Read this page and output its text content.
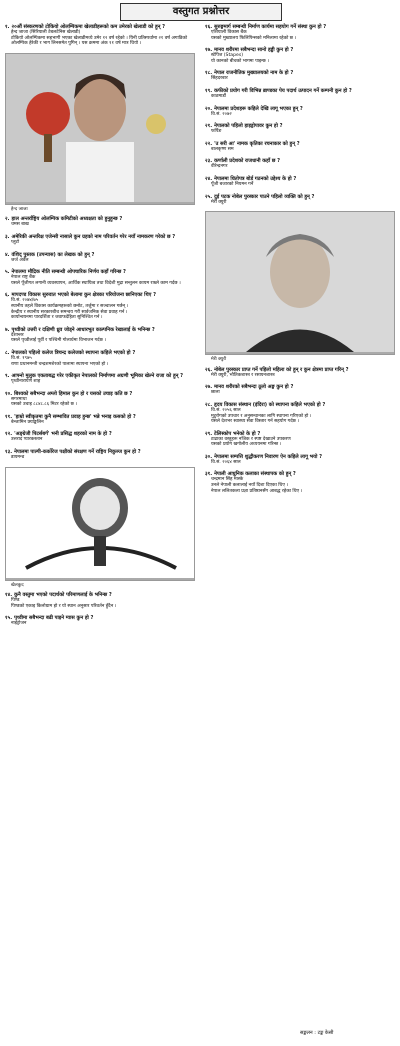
वस्तुगत प्रश्नोत्तर
१. २०औं संस्करणको टोकियो ओलम्पिकमा खेलाडीहरूको कम उमेरको खेलाडी को हुन् ?

हेन्द जाजा (सिरियाली टेबलटेनिस खेलाडी)

टोकियो ओलम्पिकमा सहभागी भएका खेलाडीमध्ये उमेर १२ वर्ष रहेको । यिनी प्रतिस्पर्धामा २१ वर्ष अगाडिको ओलम्पिक हेरेकी र भाग लिनसमेत पुगिन् । यस क्रममा अंक ११ वर्ष मात्र थियो ।

हेन्द जाजा
२. हाल अन्तर्राष्ट्रिय ओलम्पिक कमिटीको अध्यक्षता को हुनुहुन्छ ?

थमस बाख

३. अमेरिकी अन्तरिक्ष एजेन्सी नासाले कुन ग्रहको नाम परिवर्तन गरेर नयाँ नामकरण गरेको छ ?

प्लुटो

४. वंशिद् पुस्तक (उपन्यास) का लेखक को हुन् ?

जर्ज अर्वेल

५. नेपालमा मौद्रिक नीति सम्बन्धी ओपचारिक निर्णय कहाँ गरिन्छ ?

नेपाल राष्ट्र बैंक

यसले पूँजीगत लगानी व्यवस्थापन, आर्थिक स्थायित्व तथा विदेशी मुद्रा सन्तुलन कायम राख्ने काम गर्दछ ।

६. मापदण्ड विकास सुरुवात भएको बेलामा कुन क्षेत्रका परियोजना छानिएका थिए ?

वि.सं. २०७४/७५

स्थानीय तहले विकास कार्यक्रमहरूको छनोट, तर्जुमा र सञ्चालन गर्छन् ।

केन्द्रीय र स्थानीय सरकारबीच समन्वय गरी सार्वजनिक सेवा प्रवाह गर्न ।

कार्यान्वयनमा पारदर्शिता र जवाफदेहिता सुनिश्चित गर्न ।

७. पृथ्वीको उत्तरी र दक्षिणी ध्रुव जोड्ने आधारभूत काल्पनिक रेखालाई के भनिन्छ ?

देशान्तर

यसले पृथ्वीलाई पूर्वी र पश्चिमी गोलार्धमा विभाजन गर्दछ ।

८. नेपालको पहिलो कलेज त्रिचन्द्र कलेजको स्थापना कहिले भएको हो ?

वि.सं. १९७५

राणा प्रधानमन्त्री चन्द्रशमशेरको पालामा स्थापना भएको हो ।

९. आफ्नो मुलुक एकताबद्ध गरेर एकीकृत नेपालको निर्माणमा अग्रणी भूमिका खेल्ने राजा को हुन् ?

पृथ्वीनारायण शाह

१०. बिश्वको सबैभन्दा अग्लो हिमाल कुन हो र यसको उचाइ कति छ ?

सगरमाथा

यसको उचाइ ८८४८.८६ मिटर रहेको छ ।

११. 'हाम्रो स्वीकृतमा कुनै सम्भावित प्रवाह हुन्छ' भन्ने भनाइ कसको हो ?

बेन्जामिन फ्र्याङ्कलिन

१२. 'अङ्ग्रेजी पिटर्सबर्ग' भनी प्रसिद्ध शहरको नाम के हो ?

उत्तराद प्यारकस्तान

१३. नेपालमा पाल्पी-कर्कोरेज पक्षीको संरक्षण गर्ने राष्ट्रिय निकुञ्ज कुन हो ?

डायमन्ड

खेलकुद
१४. कुनै वस्तुमा भएको पदार्थको परिमाणलाई के भनिन्छ ?

पिण्ड

पिण्डको एकाइ किलोग्राम हो र यो स्थान अनुसार परिवर्तन हुँदैन ।

१५. पृथ्वीमा सबैभन्दा बढी पाइने ग्यास कुन हो ?

नाइट्रोजन

१६. सुरुङ्गमार्ग सम्बन्धी निर्माण कार्यमा सहयोग गर्ने संस्था कुन हो ?

एशियाली विकास बैंक

यसको मुख्यालय फिलिपिन्सको मनिलामा रहेको छ ।

१७. मानव शरीरमा सबैभन्दा सानो हड्डी कुन हो ?

स्टेपिज (Stapes)

यो कानको बीचको भागमा पाइन्छ ।

१८. नेपाल राजनीतिक मुख्यालयको नाम के हो ?

सिंहदरबार

१९. कफीको प्रयोग गरी विभिन्न ब्राण्डका पेय पदार्थ उत्पादन गर्ने कम्पनी कुन हो ?

काठमाडौं

२०. नेपालमा प्रदेशहरू कहिले देखि लागू भएका हुन् ?

वि.सं. २०७२

२१. नेपालको पहिलो हाइड्रोपावर कुन हो ?

फर्पिङ

२२. 'उ सरी आ' नामक कृतिका रचनाकार को हुन् ?

बालकृष्ण सम

२३. कर्णाली प्रदेशको राजधानी कहाँ छ ?

वीरेन्द्रनगर

२४. नेपालमा धितोपत्र बोर्ड गठनको उद्देश्य के हो ?

पूँजी बजारको नियमन गर्ने

२५. दुई पटक नोबेल पुरस्कार पाउने पहिलो व्यक्ति को हुन् ?

मेरी क्युरी

मेरी क्युरी
२६. नोबेल पुरस्कार प्राप्त गर्ने पहिलो महिला को हुन् र कुन क्षेत्रमा प्राप्त गरिन् ?

मेरी क्युरी, भौतिकशास्त्र र रसायनशास्त्र

२७. मानव शरीरको सबैभन्दा ठूलो अङ्ग कुन हो ?

छाला

२८. हृदय विकास संस्थान (इंदिरा) को स्थापना कहिले भएको हो ?

वि.सं. २०५६ साल

मुटुरोगको उपचार र अनुसन्धानका लागि स्थापना गरिएको हो ।

यसले देशभर स्वास्थ्य सेवा विस्तार गर्न सहयोग गर्दछ ।

२९. टेलिस्कोप भनेको के हो ?

टाढाका वस्तुहरू नजिक र स्पष्ट देखाउने उपकरण

यसको प्रयोग खगोलीय अध्ययनमा गरिन्छ ।

३०. नेपालमा सम्पत्ति शुद्धीकरण निवारण ऐन कहिले लागू भयो ?

वि.सं. २०६४ साल

३१. नेपाली आधुनिक कलाका संस्थापक को हुन् ?

चन्द्रमान सिंह मास्के

उनले नेपाली कलालाई नयाँ दिशा दिएका थिए ।

नेपाल ललितकला प्रज्ञा प्रतिष्ठानसँग आबद्ध रहेका थिए ।

सङ्कलन : टङ्क केसी
